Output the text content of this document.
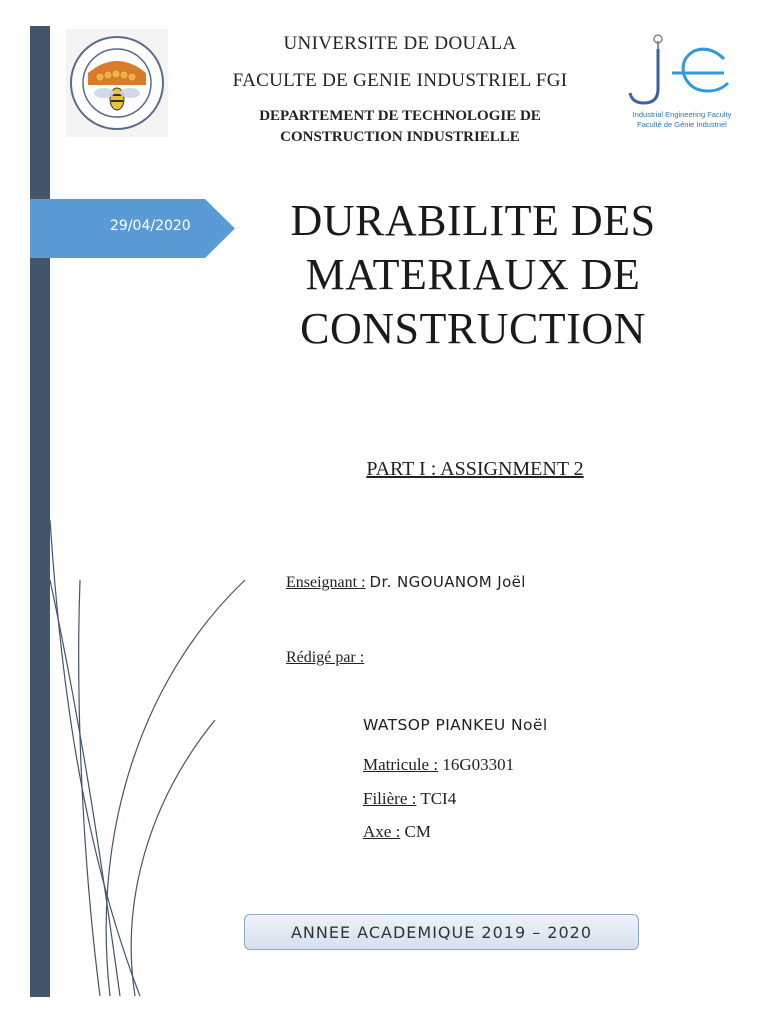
29/04/2020
Industrial Engineering Faculty
Faculté de Génie Industriel
UNIVERSITE DE DOUALA
FACULTE DE GENIE INDUSTRIEL FGI
DEPARTEMENT DE TECHNOLOGIE DE
CONSTRUCTION INDUSTRIELLE
DURABILITE DES
MATERIAUX DE
CONSTRUCTION
PART I : ASSIGNMENT 2
Enseignant : Dr. NGOUANOM Joël
Rédigé par :
WATSOP PIANKEU Noël
Matricule : 16G03301
Filière : TCI4
Axe : CM
ANNEE ACADEMIQUE 2019 – 2020
